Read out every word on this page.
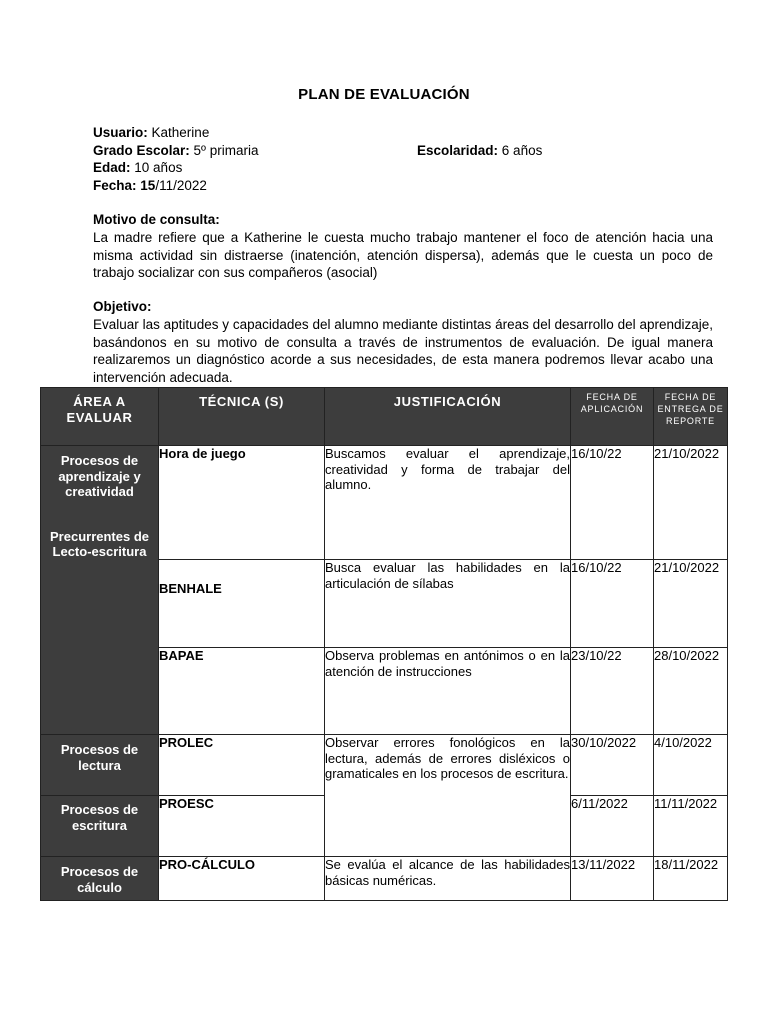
PLAN DE EVALUACIÓN
Usuario: Katherine
Grado Escolar: 5º primaria	Escolaridad: 6 años
Edad: 10 años
Fecha: 15/11/2022
Motivo de consulta:
La madre refiere que a Katherine le cuesta mucho trabajo mantener el foco de atención hacia una misma actividad sin distraerse (inatención, atención dispersa), además que le cuesta un poco de trabajo socializar con sus compañeros (asocial)
Objetivo:
Evaluar las aptitudes y capacidades del alumno mediante distintas áreas del desarrollo del aprendizaje, basándonos en su motivo de consulta a través de instrumentos de evaluación. De igual manera realizaremos un diagnóstico acorde a sus necesidades, de esta manera podremos llevar acabo una intervención adecuada.
ÁREA A EVALUAR	TÉCNICA (S)	JUSTIFICACIÓN	FECHA DE APLICACIÓN	FECHA DE ENTREGA DE REPORTE

Procesos de aprendizaje y creatividad
Precurrentes de Lecto-escritura	Hora de juego	Buscamos evaluar el aprendizaje, creatividad y forma de trabajar del alumno.	16/10/22	21/10/2022
	BENHALE	Busca evaluar las habilidades en la articulación de sílabas	16/10/22	21/10/2022
	BAPAE	Observa problemas en antónimos o en la atención de instrucciones	23/10/22	28/10/2022

Procesos de lectura	PROLEC	Observar errores fonológicos en la lectura, además de errores disléxicos o gramaticales en los procesos de escritura.	30/10/2022	4/10/2022

Procesos de escritura	PROESC		6/11/2022	11/11/2022

Procesos de cálculo	PRO-CÁLCULO	Se evalúa el alcance de las habilidades básicas numéricas.	13/11/2022	18/11/2022
